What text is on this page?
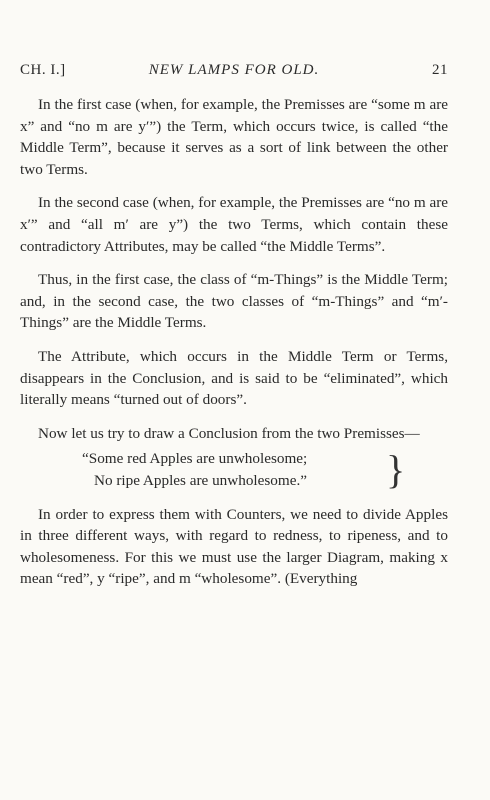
CH. I.]	NEW LAMPS FOR OLD.	21

In the first case (when, for example, the Premisses are “some m are x” and “no m are y′”) the Term, which occurs twice, is called “the Middle Term”, because it serves as a sort of link between the other two Terms.

In the second case (when, for example, the Premisses are “no m are x′” and “all m′ are y”) the two Terms, which contain these contradictory Attributes, may be called “the Middle Terms”.

Thus, in the first case, the class of “m-Things” is the Middle Term; and, in the second case, the two classes of “m-Things” and “m′-Things” are the Middle Terms.

The Attribute, which occurs in the Middle Term or Terms, disappears in the Conclusion, and is said to be “eliminated”, which literally means “turned out of doors”.

Now let us try to draw a Conclusion from the two Premisses—

“Some red Apples are unwholesome;
No ripe Apples are unwholesome.”	}

In order to express them with Counters, we need to divide Apples in three different ways, with regard to redness, to ripeness, and to wholesomeness. For this we must use the larger Diagram, making x mean “red”, y “ripe”, and m “wholesome”. (Everything
